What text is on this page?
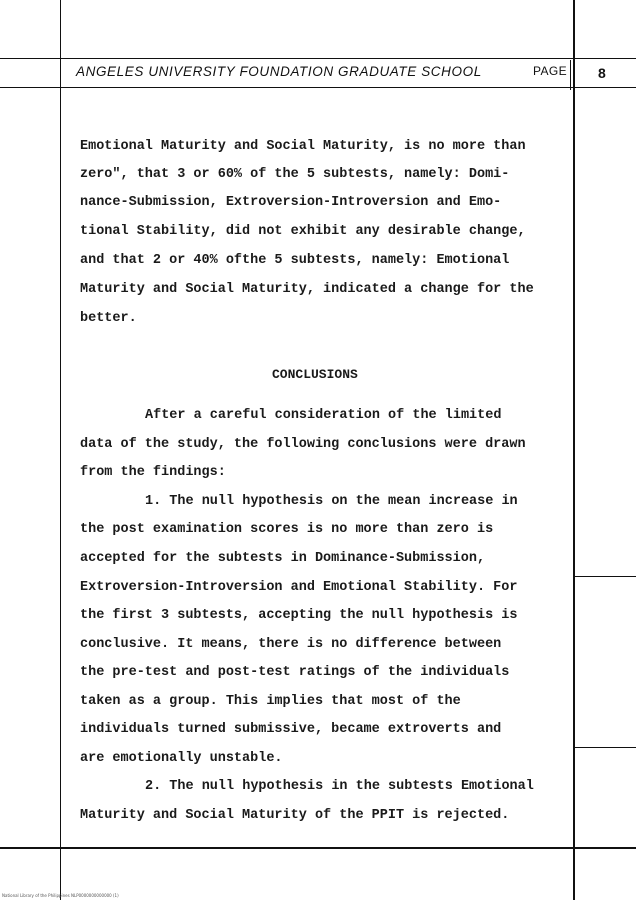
ANGELES UNIVERSITY FOUNDATION GRADUATE SCHOOL	PAGE 8
Emotional Maturity and Social Maturity, is no more than
zero", that 3 or 60% of the 5 subtests, namely: Domi-
nance-Submission, Extroversion-Introversion and Emo-
tional Stability, did not exhibit any desirable change,
and that 2 or 40% ofthe 5 subtests, namely: Emotional
Maturity and Social Maturity, indicated a change for the
better.
CONCLUSIONS
After a careful consideration of the limited
data of the study, the following conclusions were drawn
from the findings:
1. The null hypothesis on the mean increase in
the post examination scores is no more than zero is
accepted for the subtests in Dominance-Submission,
Extroversion-Introversion and Emotional Stability. For
the first 3 subtests, accepting the null hypothesis is
conclusive. It means, there is no difference between
the pre-test and post-test ratings of the individuals
taken as a group. This implies that most of the
individuals turned submissive, became extroverts and
are emotionally unstable.
2. The null hypothesis in the subtests Emotional
Maturity and Social Maturity of the PPIT is rejected.
National Library of the Philippines NLP0000000000000 (1)
